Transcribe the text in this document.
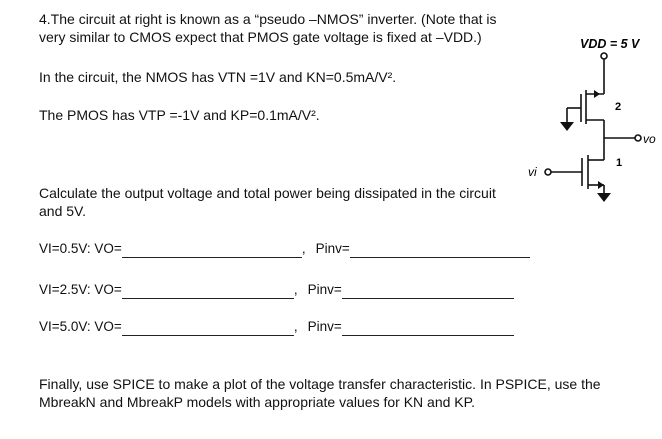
4.The circuit at right is known as a “pseudo –NMOS” inverter. (Note that is
very similar to CMOS expect that PMOS gate voltage is fixed at –VDD.)
In the circuit, the NMOS has VTN =1V and KN=0.5mA/V².
The PMOS has VTP =-1V and KP=0.1mA/V².
Calculate the output voltage and total power being dissipated in the circuit
and 5V.
VI=0.5V: VO=	, Pinv=
VI=2.5V: VO=	, Pinv=
VI=5.0V: VO=	, Pinv=
Finally, use SPICE to make a plot of the voltage transfer characteristic. In PSPICE, use the
MbreakN and MbreakP models with appropriate values for KN and KP.
VDD = 5 V
2
1
vo
vi
